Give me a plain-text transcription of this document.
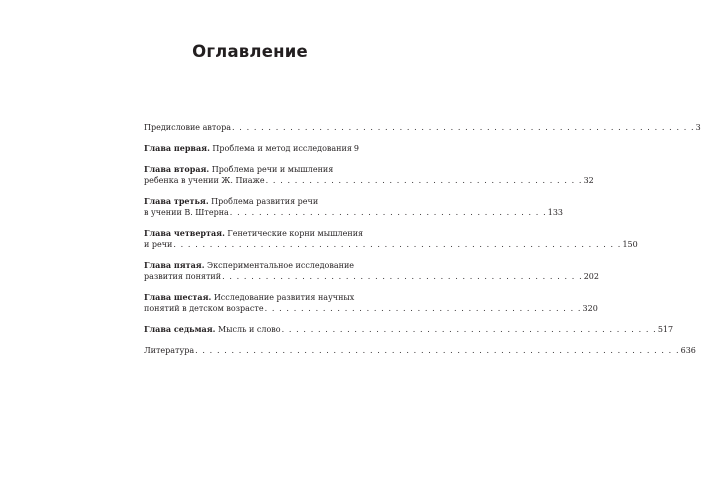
Оглавление
Предисловие автора . . . . . . . . . . . . . . . . . . . . . . . . . . . . . . . . . . . . . . . . . . . . . . . . . . . . . . . . . . . . . . . . 3
Глава первая. Проблема и метод исследования 9
Глава вторая. Проблема речи и мышления
ребенка в учении Ж. Пиаже . . . . . . . . . . . . . . . . . . . . . . . . . . . . . . . . . . . . . . . . . . . . 32
Глава третья. Проблема развития речи
в учении В. Штерна . . . . . . . . . . . . . . . . . . . . . . . . . . . . . . . . . . . . . . . . . . . . 133
Глава четвертая. Генетические корни мышления
и речи . . . . . . . . . . . . . . . . . . . . . . . . . . . . . . . . . . . . . . . . . . . . . . . . . . . . . . . . . . . . . . 150
Глава пятая. Экспериментальное исследование
развития понятий . . . . . . . . . . . . . . . . . . . . . . . . . . . . . . . . . . . . . . . . . . . . . . . . . . 202
Глава шестая. Исследование развития научных
понятий в детском возрасте . . . . . . . . . . . . . . . . . . . . . . . . . . . . . . . . . . . . . . . . . . . . 320
Глава седьмая. Мысль и слово . . . . . . . . . . . . . . . . . . . . . . . . . . . . . . . . . . . . . . . . . . . . . . . . . . . . 517
Литература . . . . . . . . . . . . . . . . . . . . . . . . . . . . . . . . . . . . . . . . . . . . . . . . . . . . . . . . . . . . . . . . . . . 636
